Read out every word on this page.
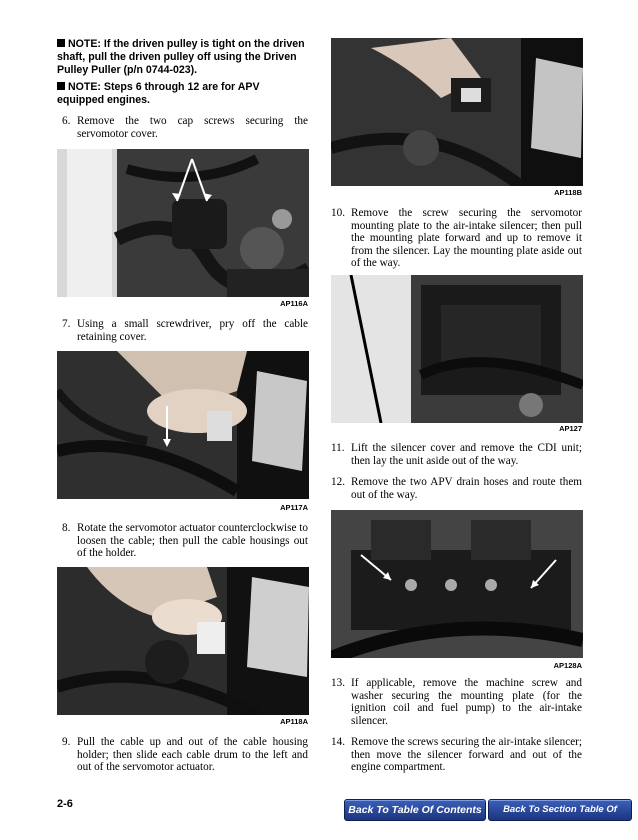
NOTE: If the driven pulley is tight on the driven shaft, pull the driven pulley off using the Driven Pulley Puller (p/n 0744-023).
NOTE: Steps 6 through 12 are for APV equipped engines.
6. Remove the two cap screws securing the servomotor cover.
AP116A
7. Using a small screwdriver, pry off the cable retaining cover.
AP117A
8. Rotate the servomotor actuator counterclockwise to loosen the cable; then pull the cable housings out of the holder.
AP118A
9. Pull the cable up and out of the cable housing holder; then slide each cable drum to the left and out of the servomotor actuator.
AP118B
10. Remove the screw securing the servomotor mounting plate to the air-intake silencer; then pull the mounting plate forward and up to remove it from the silencer. Lay the mounting plate aside out of the way.
AP127
11. Lift the silencer cover and remove the CDI unit; then lay the unit aside out of the way.
12. Remove the two APV drain hoses and route them out of the way.
AP128A
13. If applicable, remove the machine screw and washer securing the mounting plate (for the ignition coil and fuel pump) to the air-intake silencer.
14. Remove the screws securing the air-intake silencer; then move the silencer forward and out of the engine compartment.
2-6	Back To Table Of Contents	Back To Section Table Of Contents
